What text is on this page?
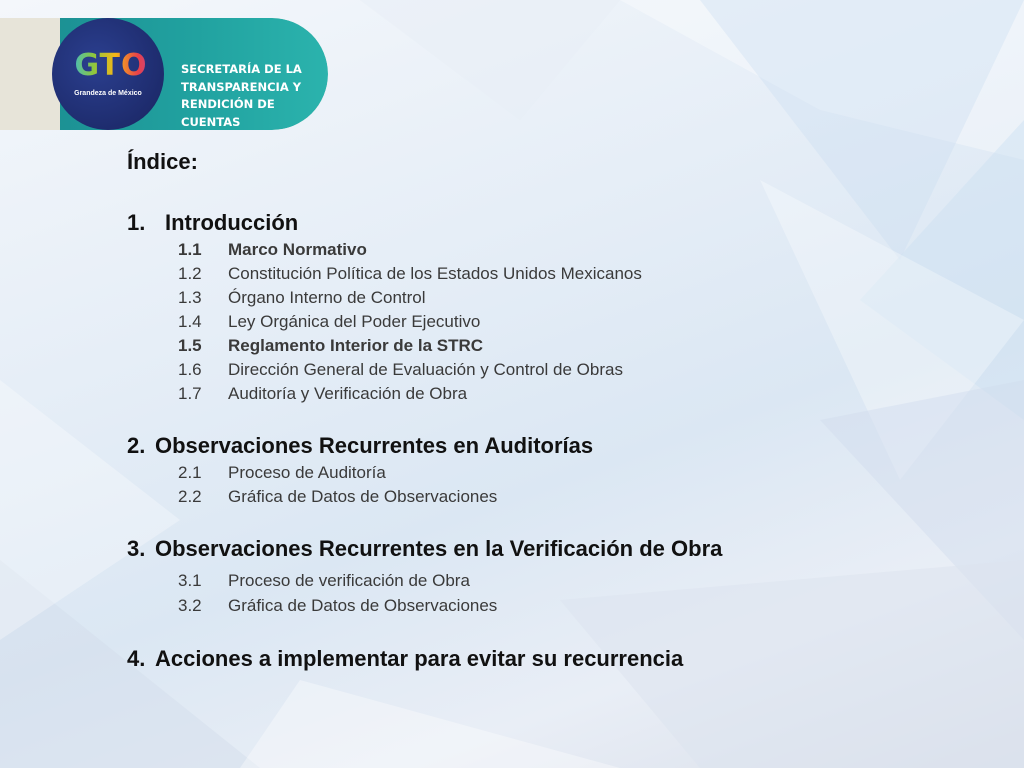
GTO
Grandeza de México
SECRETARÍA DE LA
TRANSPARENCIA Y
RENDICIÓN DE
CUENTAS
Índice:
1. Introducción
1.1 Marco Normativo
1.2 Constitución Política de los Estados Unidos Mexicanos
1.3 Órgano Interno de Control
1.4 Ley Orgánica del Poder Ejecutivo
1.5 Reglamento Interior de la STRC
1.6 Dirección General de Evaluación y Control de Obras
1.7 Auditoría y Verificación de Obra
2. Observaciones Recurrentes en Auditorías
2.1 Proceso de Auditoría
2.2 Gráfica de Datos de Observaciones
3. Observaciones Recurrentes en la Verificación de Obra
3.1 Proceso de verificación de Obra
3.2 Gráfica de Datos de Observaciones
4. Acciones a implementar para evitar su recurrencia
